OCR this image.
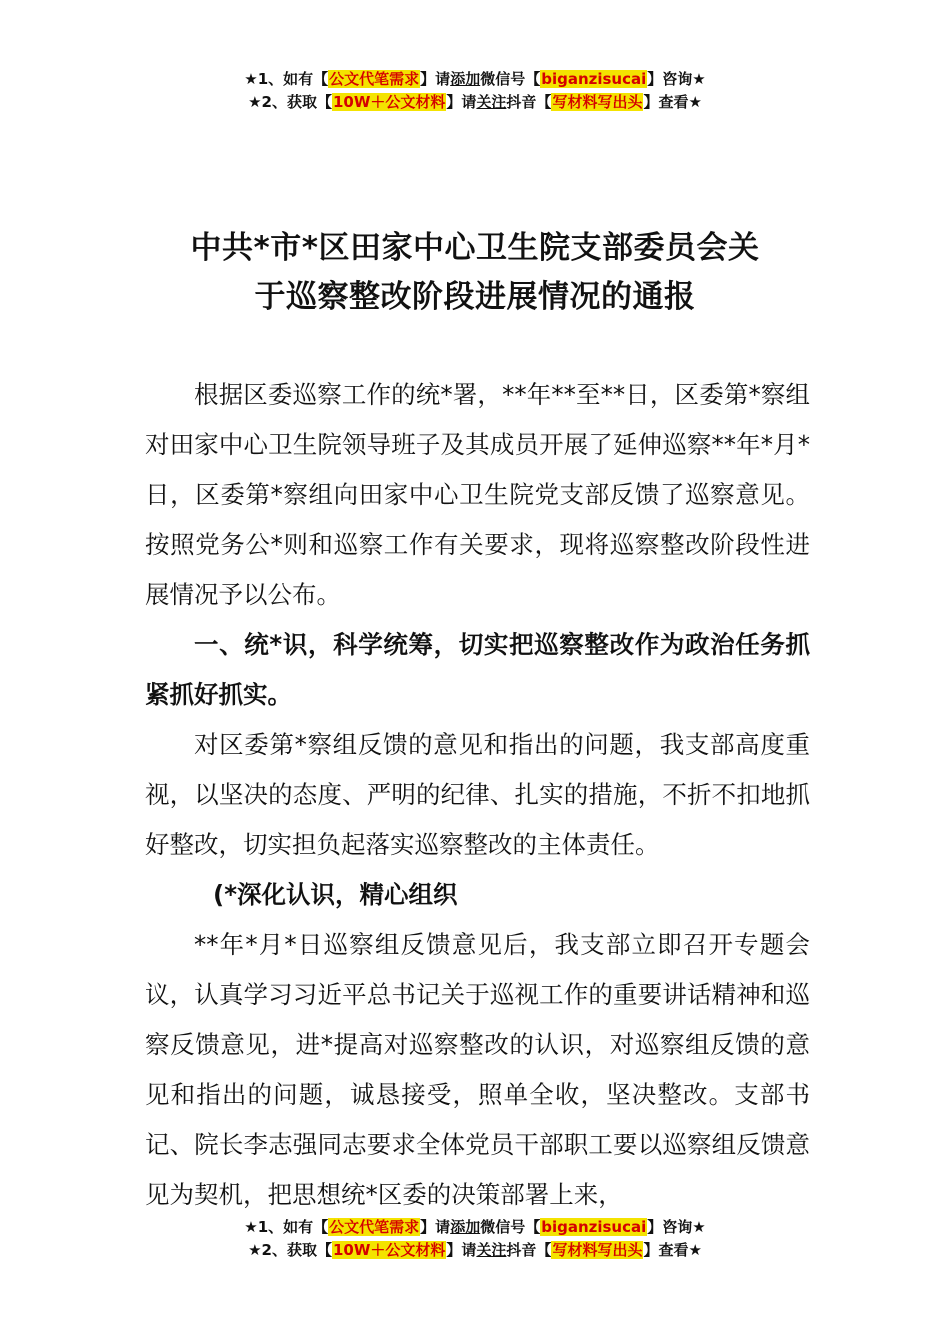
★1、如有【公文代笔需求】请添加微信号【biganzisucai】咨询★
★2、获取【10W＋公文材料】请关注抖音【写材料写出头】查看★
中共*市*区田家中心卫生院支部委员会关
于巡察整改阶段进展情况的通报

根据区委巡察工作的统*署，**年**至**日，区委第*察组对田家中心卫生院领导班子及其成员开展了延伸巡察**年*月*日，区委第*察组向田家中心卫生院党支部反馈了巡察意见。按照党务公*则和巡察工作有关要求，现将巡察整改阶段性进展情况予以公布。

一、统*识，科学统筹，切实把巡察整改作为政治任务抓紧抓好抓实。

对区委第*察组反馈的意见和指出的问题，我支部高度重视，以坚决的态度、严明的纪律、扎实的措施，不折不扣地抓好整改，切实担负起落实巡察整改的主体责任。

(*深化认识，精心组织

**年*月*日巡察组反馈意见后，我支部立即召开专题会议，认真学习习近平总书记关于巡视工作的重要讲话精神和巡察反馈意见，进*提高对巡察整改的认识，对巡察组反馈的意见和指出的问题，诚恳接受，照单全收，坚决整改。支部书记、院长李志强同志要求全体党员干部职工要以巡察组反馈意见为契机，把思想统*区委的决策部署上来，

★1、如有【公文代笔需求】请添加微信号【biganzisucai】咨询★
★2、获取【10W＋公文材料】请关注抖音【写材料写出头】查看★
